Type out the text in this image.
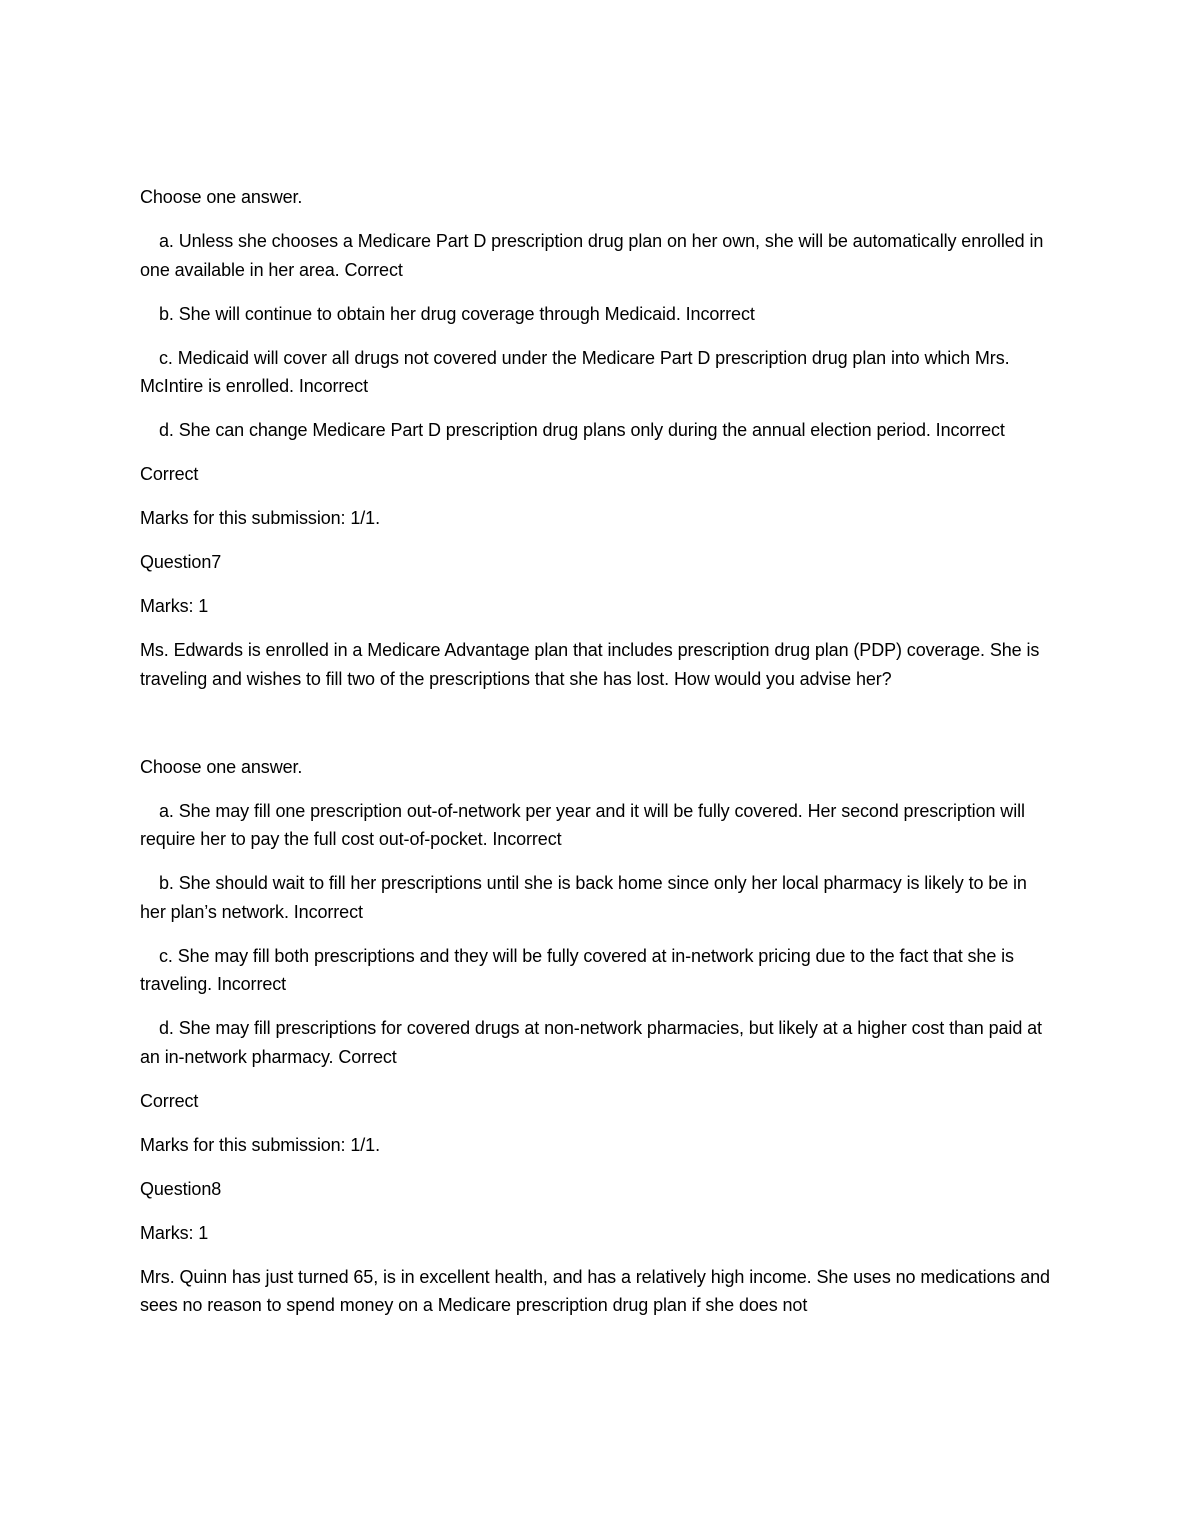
Choose one answer.

a. Unless she chooses a Medicare Part D prescription drug plan on her own, she will be automatically enrolled in one available in her area. Correct

b. She will continue to obtain her drug coverage through Medicaid. Incorrect

c. Medicaid will cover all drugs not covered under the Medicare Part D prescription drug plan into which Mrs. McIntire is enrolled. Incorrect

d. She can change Medicare Part D prescription drug plans only during the annual election period. Incorrect

Correct

Marks for this submission: 1/1.

Question7

Marks: 1

Ms. Edwards is enrolled in a Medicare Advantage plan that includes prescription drug plan (PDP) coverage. She is traveling and wishes to fill two of the prescriptions that she has lost. How would you advise her?

Choose one answer.

a. She may fill one prescription out-of-network per year and it will be fully covered. Her second prescription will require her to pay the full cost out-of-pocket. Incorrect

b. She should wait to fill her prescriptions until she is back home since only her local pharmacy is likely to be in her plan’s network. Incorrect

c. She may fill both prescriptions and they will be fully covered at in-network pricing due to the fact that she is traveling. Incorrect

d. She may fill prescriptions for covered drugs at non-network pharmacies, but likely at a higher cost than paid at an in-network pharmacy. Correct

Correct

Marks for this submission: 1/1.

Question8

Marks: 1

Mrs. Quinn has just turned 65, is in excellent health, and has a relatively high income. She uses no medications and sees no reason to spend money on a Medicare prescription drug plan if she does not
